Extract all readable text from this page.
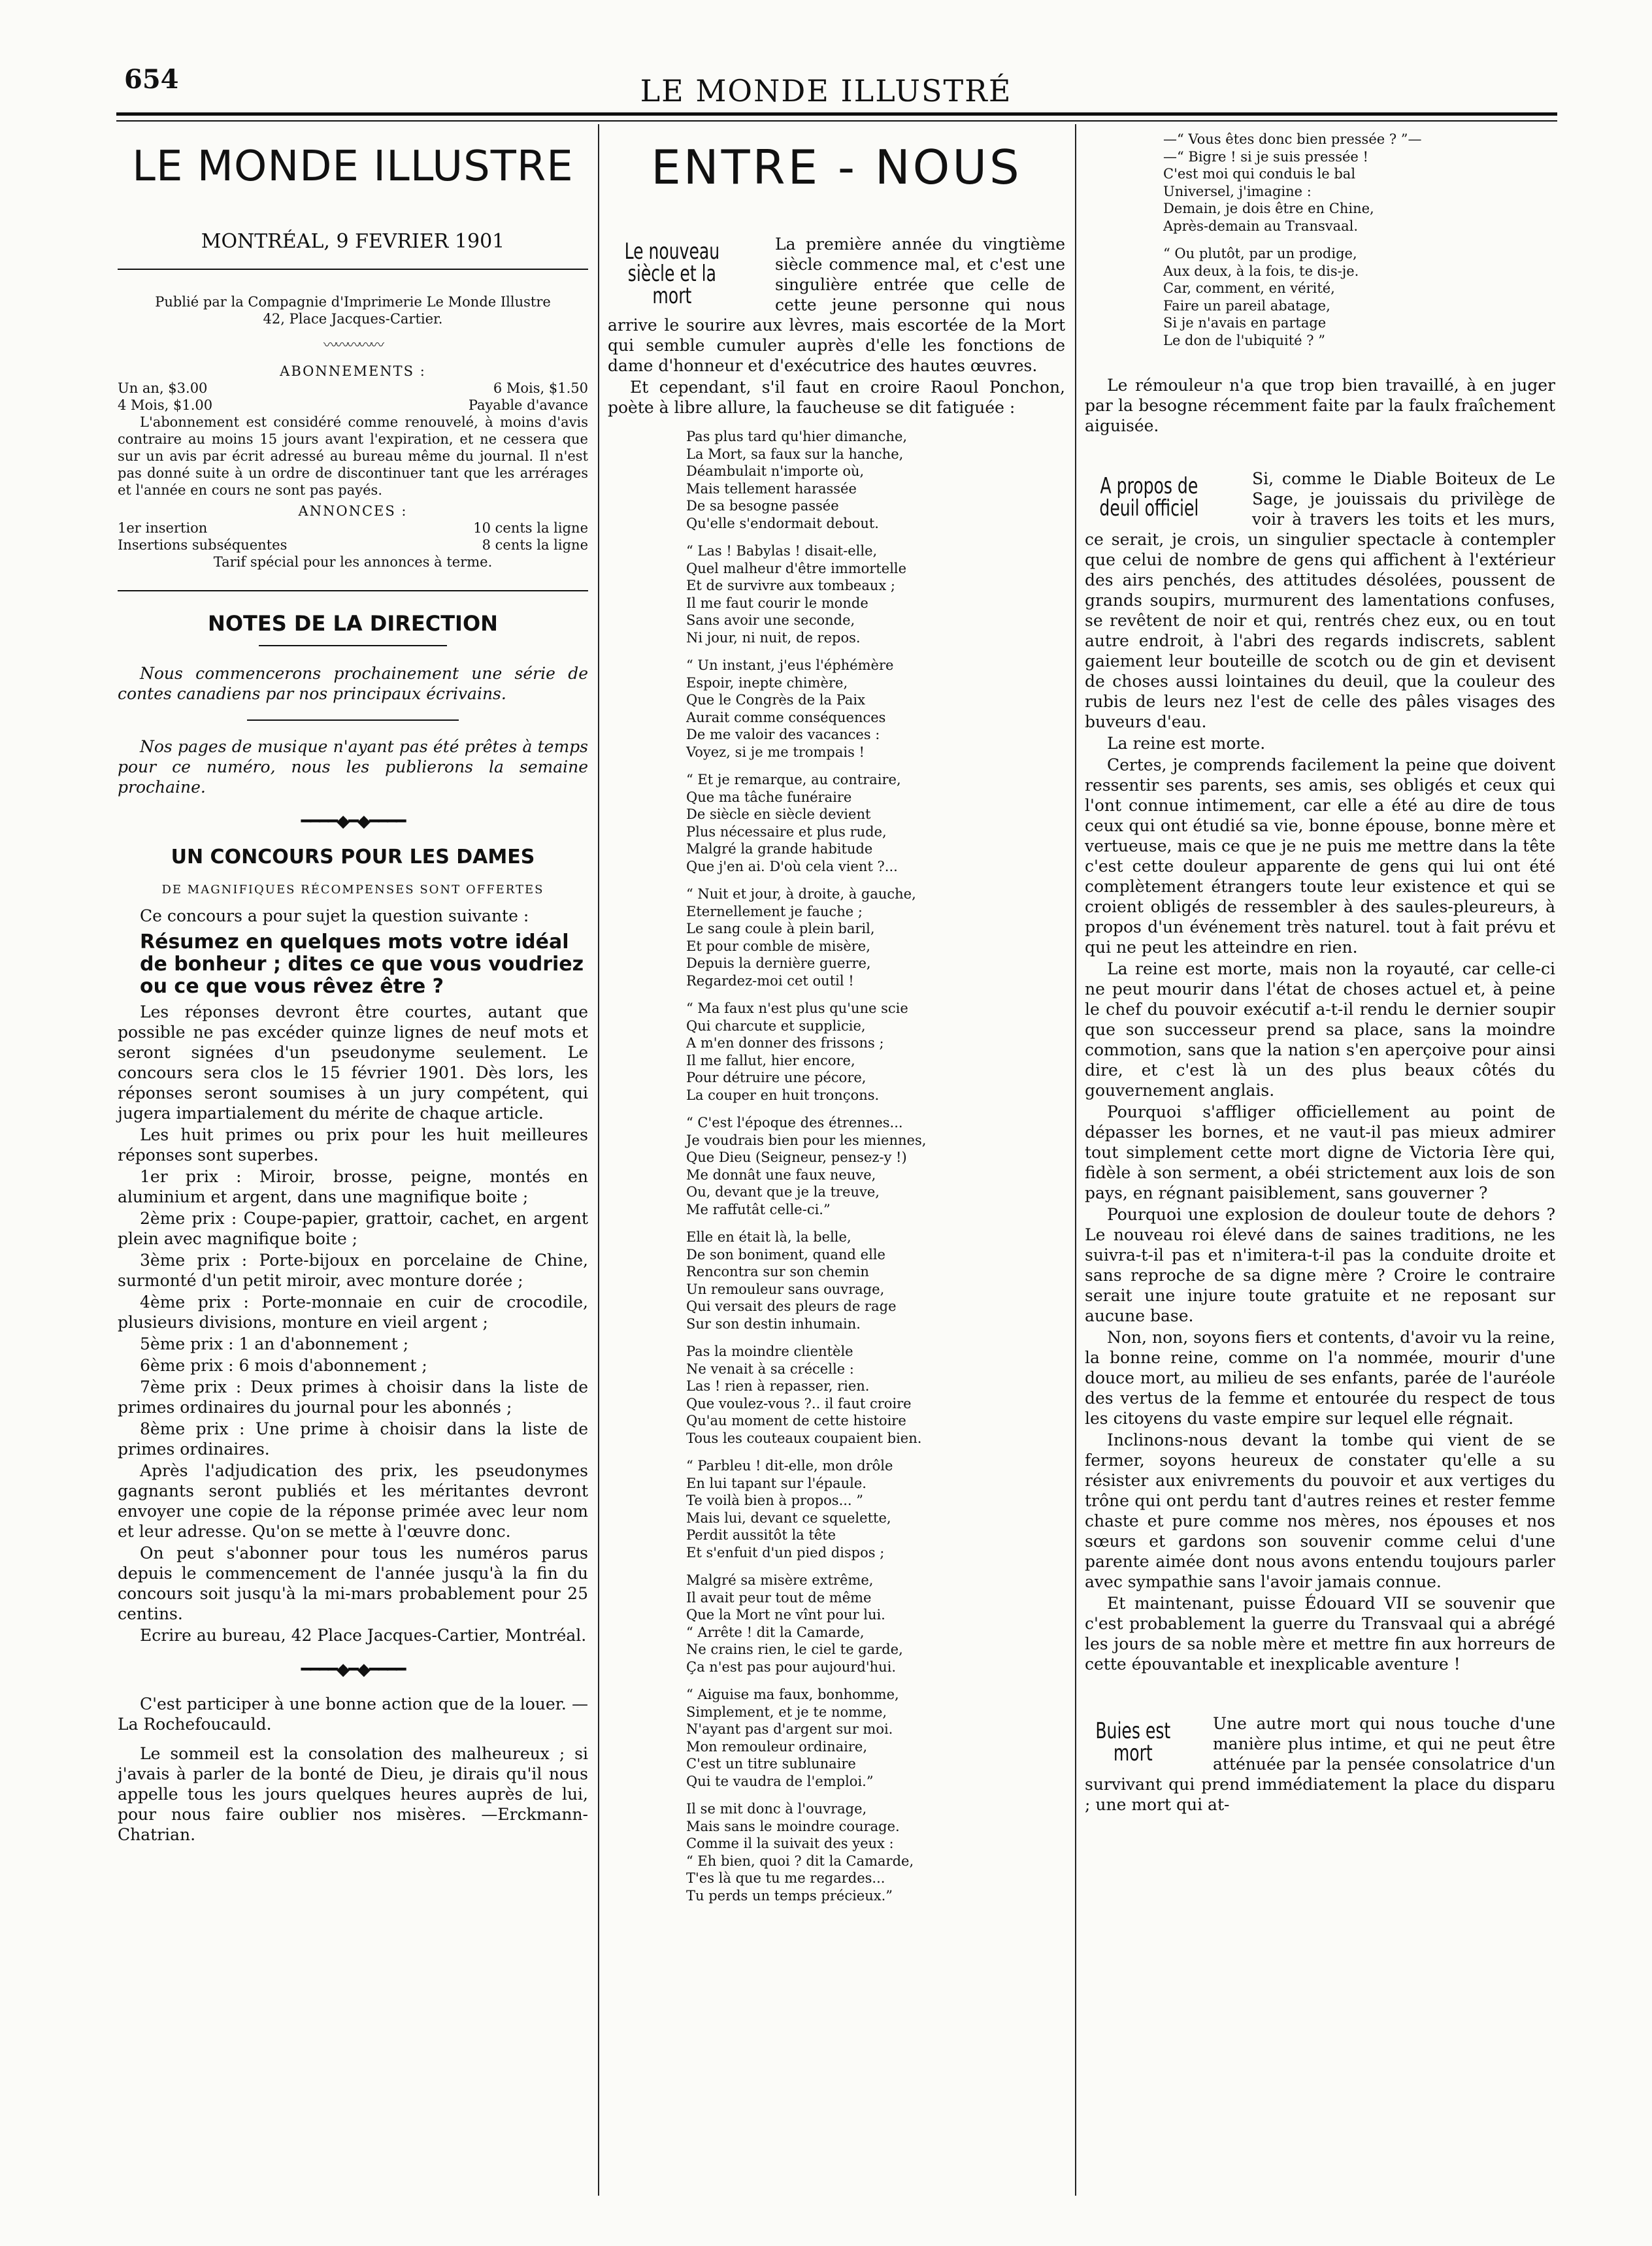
654	LE MONDE ILLUSTRÉ
LE MONDE ILLUSTRE
MONTRÉAL, 9 FEVRIER 1901
Publié par la Compagnie d'Imprimerie Le Monde Illustre
42, Place Jacques-Cartier.
〰〰〰〰〰
ABONNEMENTS :
Un an, $3.00	6 Mois, $1.50
4 Mois, $1.00	Payable d'avance

L'abonnement est considéré comme renouvelé, à moins d'avis contraire au moins 15 jours avant l'expiration, et ne cessera que sur un avis par écrit adressé au bureau même du journal. Il n'est pas donné suite à un ordre de discontinuer tant que les arrérages et l'année en cours ne sont pas payés.

ANNONCES :
1er insertion	10 cents la ligne
Insertions subséquentes	8 cents la ligne
Tarif spécial pour les annonces à terme.
NOTES DE LA DIRECTION

Nous commencerons prochainement une série de contes canadiens par nos principaux écrivains.

Nos pages de musique n'ayant pas été prêtes à temps pour ce numéro, nous les publierons la semaine prochaine.

━━━━◆━◆━━━━
UN CONCOURS POUR LES DAMES
DE MAGNIFIQUES RÉCOMPENSES SONT OFFERTES

Ce concours a pour sujet la question suivante :

Résumez en quelques mots votre idéal de bonheur ; dites ce que vous voudriez ou ce que vous rêvez être ?

Les réponses devront être courtes, autant que possible ne pas excéder quinze lignes de neuf mots et seront signées d'un pseudonyme seulement. Le concours sera clos le 15 février 1901. Dès lors, les réponses seront soumises à un jury compétent, qui jugera impartialement du mérite de chaque article.

Les huit primes ou prix pour les huit meilleures réponses sont superbes.

1er prix : Miroir, brosse, peigne, montés en aluminium et argent, dans une magnifique boite ;

2ème prix : Coupe-papier, grattoir, cachet, en argent plein avec magnifique boite ;

3ème prix : Porte-bijoux en porcelaine de Chine, surmonté d'un petit miroir, avec monture dorée ;

4ème prix : Porte-monnaie en cuir de crocodile, plusieurs divisions, monture en vieil argent ;

5ème prix : 1 an d'abonnement ;

6ème prix : 6 mois d'abonnement ;

7ème prix : Deux primes à choisir dans la liste de primes ordinaires du journal pour les abonnés ;

8ème prix : Une prime à choisir dans la liste de primes ordinaires.

Après l'adjudication des prix, les pseudonymes gagnants seront publiés et les méritantes devront envoyer une copie de la réponse primée avec leur nom et leur adresse. Qu'on se mette à l'œuvre donc.

On peut s'abonner pour tous les numéros parus depuis le commencement de l'année jusqu'à la fin du concours soit jusqu'à la mi-mars probablement pour 25 centins.

Ecrire au bureau, 42 Place Jacques-Cartier, Montréal.

━━━━◆━◆━━━━

C'est participer à une bonne action que de la louer. —La Rochefoucauld.

Le sommeil est la consolation des malheureux ; si j'avais à parler de la bonté de Dieu, je dirais qu'il nous appelle tous les jours quelques heures auprès de lui, pour nous faire oublier nos misères. —Erckmann-Chatrian.

ENTRE - NOUS
Le nouveau siècle et la mort

La première année du vingtième siècle commence mal, et c'est une singulière entrée que celle de cette jeune personne qui nous arrive le sourire aux lèvres, mais escortée de la Mort qui semble cumuler auprès d'elle les fonctions de dame d'honneur et d'exécutrice des hautes œuvres.

Et cependant, s'il faut en croire Raoul Ponchon, poète à libre allure, la faucheuse se dit fatiguée :

Pas plus tard qu'hier dimanche,
La Mort, sa faux sur la hanche,
Déambulait n'importe où,
Mais tellement harassée
De sa besogne passée
Qu'elle s'endormait debout.
“ Las ! Babylas ! disait-elle,
Quel malheur d'être immortelle
Et de survivre aux tombeaux ;
Il me faut courir le monde
Sans avoir une seconde,
Ni jour, ni nuit, de repos.
“ Un instant, j'eus l'éphémère
Espoir, inepte chimère,
Que le Congrès de la Paix
Aurait comme conséquences
De me valoir des vacances :
Voyez, si je me trompais !
“ Et je remarque, au contraire,
Que ma tâche funéraire
De siècle en siècle devient
Plus nécessaire et plus rude,
Malgré la grande habitude
Que j'en ai. D'où cela vient ?...
“ Nuit et jour, à droite, à gauche,
Eternellement je fauche ;
Le sang coule à plein baril,
Et pour comble de misère,
Depuis la dernière guerre,
Regardez-moi cet outil !
“ Ma faux n'est plus qu'une scie
Qui charcute et supplicie,
A m'en donner des frissons ;
Il me fallut, hier encore,
Pour détruire une pécore,
La couper en huit tronçons.
“ C'est l'époque des étrennes...
Je voudrais bien pour les miennes,
Que Dieu (Seigneur, pensez-y !)
Me donnât une faux neuve,
Ou, devant que je la treuve,
Me raffutât celle-ci.”
Elle en était là, la belle,
De son boniment, quand elle
Rencontra sur son chemin
Un remouleur sans ouvrage,
Qui versait des pleurs de rage
Sur son destin inhumain.
Pas la moindre clientèle
Ne venait à sa crécelle :
Las ! rien à repasser, rien.
Que voulez-vous ?.. il faut croire
Qu'au moment de cette histoire
Tous les couteaux coupaient bien.
“ Parbleu ! dit-elle, mon drôle
En lui tapant sur l'épaule.
Te voilà bien à propos... ”
Mais lui, devant ce squelette,
Perdit aussitôt la tête
Et s'enfuit d'un pied dispos ;
Malgré sa misère extrême,
Il avait peur tout de même
Que la Mort ne vînt pour lui.
“ Arrête ! dit la Camarde,
Ne crains rien, le ciel te garde,
Ça n'est pas pour aujourd'hui.
“ Aiguise ma faux, bonhomme,
Simplement, et je te nomme,
N'ayant pas d'argent sur moi.
Mon remouleur ordinaire,
C'est un titre sublunaire
Qui te vaudra de l'emploi.”
Il se mit donc à l'ouvrage,
Mais sans le moindre courage.
Comme il la suivait des yeux :
“ Eh bien, quoi ? dit la Camarde,
T'es là que tu me regardes...
Tu perds un temps précieux.”
—“ Vous êtes donc bien pressée ? ”—
—“ Bigre ! si je suis pressée !
C'est moi qui conduis le bal
Universel, j'imagine :
Demain, je dois être en Chine,
Après-demain au Transvaal.
“ Ou plutôt, par un prodige,
Aux deux, à la fois, te dis-je.
Car, comment, en vérité,
Faire un pareil abatage,
Si je n'avais en partage
Le don de l'ubiquité ? ”

Le rémouleur n'a que trop bien travaillé, à en juger par la besogne récemment faite par la faulx fraîchement aiguisée.

A propos de deuil officiel

Si, comme le Diable Boiteux de Le Sage, je jouissais du privilège de voir à travers les toits et les murs, ce serait, je crois, un singulier spectacle à contempler que celui de nombre de gens qui affichent à l'extérieur des airs penchés, des attitudes désolées, poussent de grands soupirs, murmurent des lamentations confuses, se revêtent de noir et qui, rentrés chez eux, ou en tout autre endroit, à l'abri des regards indiscrets, sablent gaiement leur bouteille de scotch ou de gin et devisent de choses aussi lointaines du deuil, que la couleur des rubis de leurs nez l'est de celle des pâles visages des buveurs d'eau.

La reine est morte.

Certes, je comprends facilement la peine que doivent ressentir ses parents, ses amis, ses obligés et ceux qui l'ont connue intimement, car elle a été au dire de tous ceux qui ont étudié sa vie, bonne épouse, bonne mère et vertueuse, mais ce que je ne puis me mettre dans la tête c'est cette douleur apparente de gens qui lui ont été complètement étrangers toute leur existence et qui se croient obligés de ressembler à des saules-pleureurs, à propos d'un événement très naturel. tout à fait prévu et qui ne peut les atteindre en rien.

La reine est morte, mais non la royauté, car celle-ci ne peut mourir dans l'état de choses actuel et, à peine le chef du pouvoir exécutif a-t-il rendu le dernier soupir que son successeur prend sa place, sans la moindre commotion, sans que la nation s'en aperçoive pour ainsi dire, et c'est là un des plus beaux côtés du gouvernement anglais.

Pourquoi s'affliger officiellement au point de dépasser les bornes, et ne vaut-il pas mieux admirer tout simplement cette mort digne de Victoria Ière qui, fidèle à son serment, a obéi strictement aux lois de son pays, en régnant paisiblement, sans gouverner ?

Pourquoi une explosion de douleur toute de dehors ? Le nouveau roi élevé dans de saines traditions, ne les suivra-t-il pas et n'imitera-t-il pas la conduite droite et sans reproche de sa digne mère ? Croire le contraire serait une injure toute gratuite et ne reposant sur aucune base.

Non, non, soyons fiers et contents, d'avoir vu la reine, la bonne reine, comme on l'a nommée, mourir d'une douce mort, au milieu de ses enfants, parée de l'auréole des vertus de la femme et entourée du respect de tous les citoyens du vaste empire sur lequel elle régnait.

Inclinons-nous devant la tombe qui vient de se fermer, soyons heureux de constater qu'elle a su résister aux enivrements du pouvoir et aux vertiges du trône qui ont perdu tant d'autres reines et rester femme chaste et pure comme nos mères, nos épouses et nos sœurs et gardons son souvenir comme celui d'une parente aimée dont nous avons entendu toujours parler avec sympathie sans l'avoir jamais connue.

Et maintenant, puisse Édouard VII se souvenir que c'est probablement la guerre du Transvaal qui a abrégé les jours de sa noble mère et mettre fin aux horreurs de cette épouvantable et inexplicable aventure !

Buies est mort

Une autre mort qui nous touche d'une manière plus intime, et qui ne peut être atténuée par la pensée consolatrice d'un survivant qui prend immédiatement la place du disparu ; une mort qui at-
